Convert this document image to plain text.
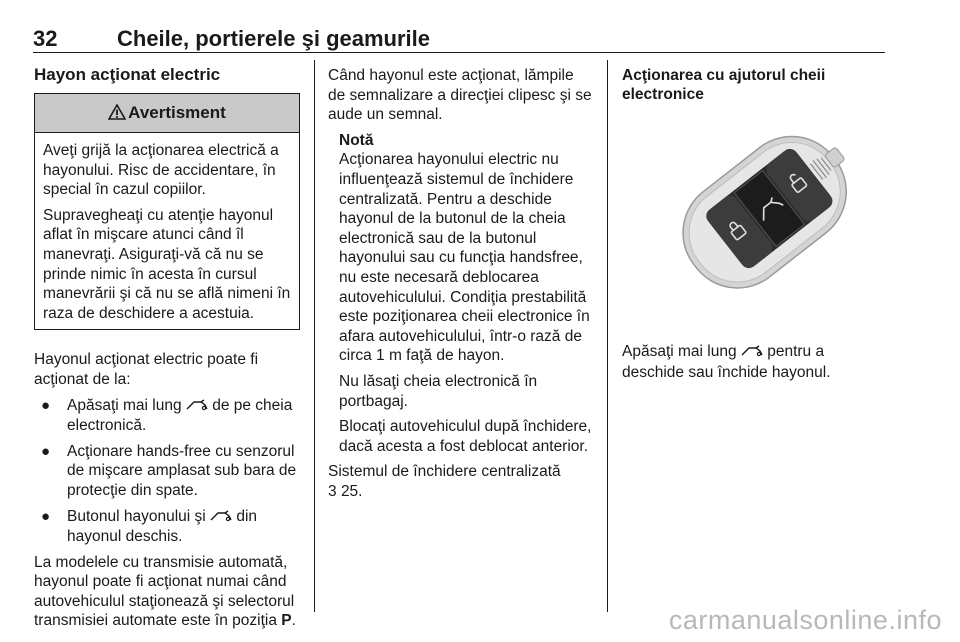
32	Cheile, portierele şi geamurile
Hayon acţionat electric
Avertisment

Aveţi grijă la acţionarea electrică a hayonului. Risc de accidentare, în special în cazul copiilor.

Supravegheaţi cu atenţie hayonul aflat în mişcare atunci când îl manevraţi. Asiguraţi-vă că nu se prinde nimic în acesta în cursul manevrării şi că nu se află nimeni în raza de deschidere a acestuia.

Hayonul acţionat electric poate fi acţionat de la:

● Apăsaţi mai lung  de pe cheia electronică.
● Acţionare hands-free cu senzorul de mişcare amplasat sub bara de protecţie din spate.
● Butonul hayonului şi  din hayonul deschis.

La modelele cu transmisie automată, hayonul poate fi acţionat numai când autovehiculul staţionează şi selectorul transmisiei automate este în poziţia P.

Când hayonul este acţionat, lămpile de semnalizare a direcţiei clipesc şi se aude un semnal.

Notă

Acţionarea hayonului electric nu influenţează sistemul de închidere centralizată. Pentru a deschide hayonul de la butonul de la cheia electronică sau de la butonul hayonului sau cu funcţia handsfree, nu este necesară deblocarea autovehiculului. Condiţia prestabilită este poziţionarea cheii electronice în afara autovehiculului, într-o rază de circa 1 m faţă de hayon.

Nu lăsaţi cheia electronică în portbagaj.

Blocaţi autovehiculul după închidere, dacă acesta a fost deblocat anterior.

Sistemul de închidere centralizată
3 25.

Acţionarea cu ajutorul cheii electronice

Apăsaţi mai lung  pentru a deschide sau închide hayonul.

carmanualsonline.info
